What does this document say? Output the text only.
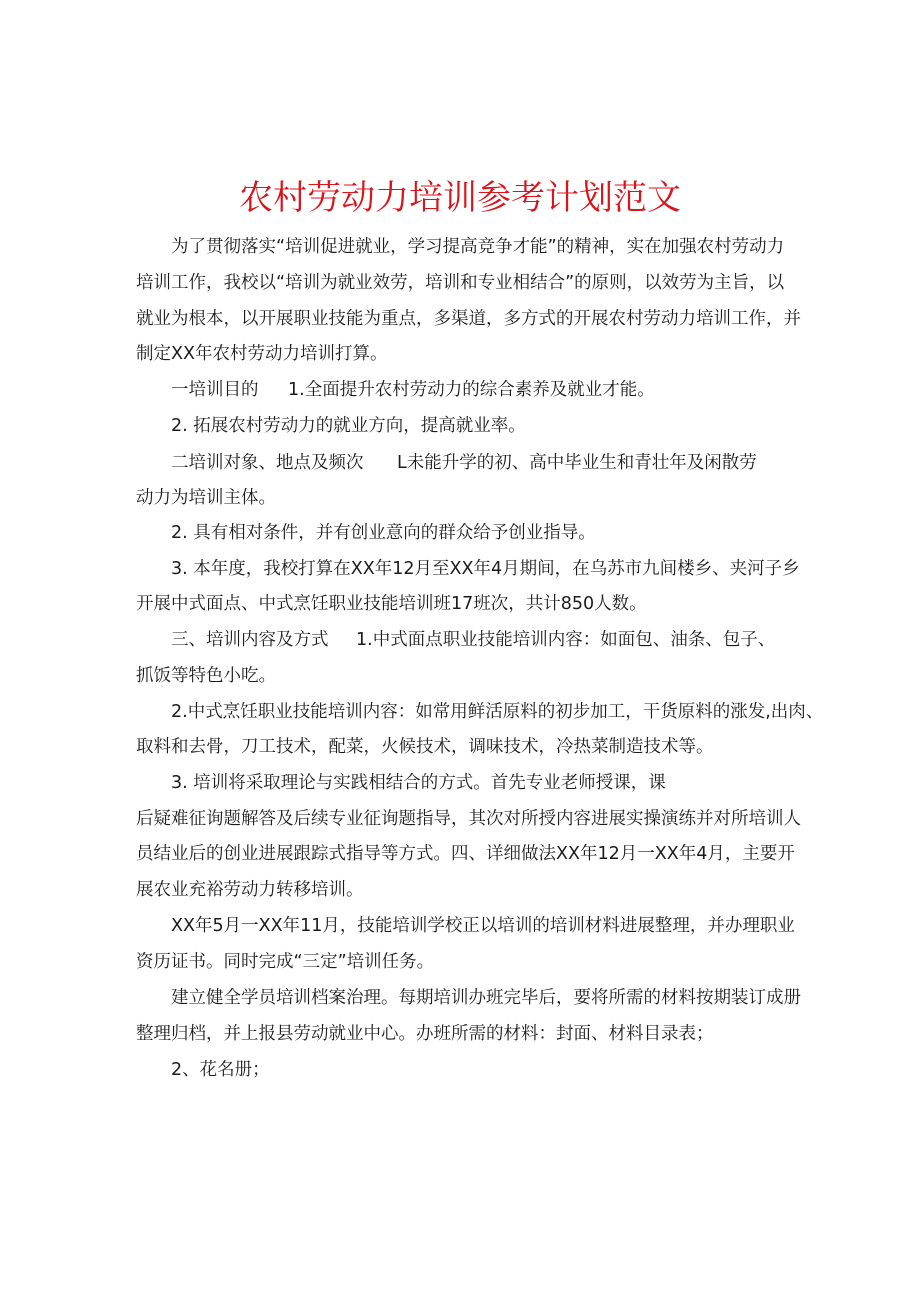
农村劳动力培训参考计划范文

为了贯彻落实“培训促进就业，学习提高竞争才能”的精神，实在加强农村劳动力

培训工作，我校以“培训为就业效劳，培训和专业相结合”的原则，以效劳为主旨，以

就业为根本，以开展职业技能为重点，多渠道，多方式的开展农村劳动力培训工作，并

制定XX年农村劳动力培训打算。

一培训目的 1.全面提升农村劳动力的综合素养及就业才能。

2. 拓展农村劳动力的就业方向，提高就业率。

二培训对象、地点及频次 L未能升学的初、高中毕业生和青壮年及闲散劳

动力为培训主体。

2. 具有相对条件，并有创业意向的群众给予创业指导。

3. 本年度，我校打算在XX年12月至XX年4月期间，在乌苏市九间楼乡、夹河子乡

开展中式面点、中式烹饪职业技能培训班17班次，共计850人数。

三、培训内容及方式 1.中式面点职业技能培训内容：如面包、油条、包子、

抓饭等特色小吃。

2.中式烹饪职业技能培训内容：如常用鲜活原料的初步加工，干货原料的涨发,出肉、

取料和去骨，刀工技术，配菜，火候技术，调味技术，冷热菜制造技术等。

3. 培训将采取理论与实践相结合的方式。首先专业老师授课，课

后疑难征询题解答及后续专业征询题指导，其次对所授内容进展实操演练并对所培训人

员结业后的创业进展跟踪式指导等方式。四、详细做法XX年12月一XX年4月，主要开

展农业充裕劳动力转移培训。

XX年5月一XX年11月，技能培训学校正以培训的培训材料进展整理，并办理职业

资历证书。同时完成“三定”培训任务。

建立健全学员培训档案治理。每期培训办班完毕后，要将所需的材料按期装订成册

整理归档，并上报县劳动就业中心。办班所需的材料：封面、材料目录表；

2、花名册；
